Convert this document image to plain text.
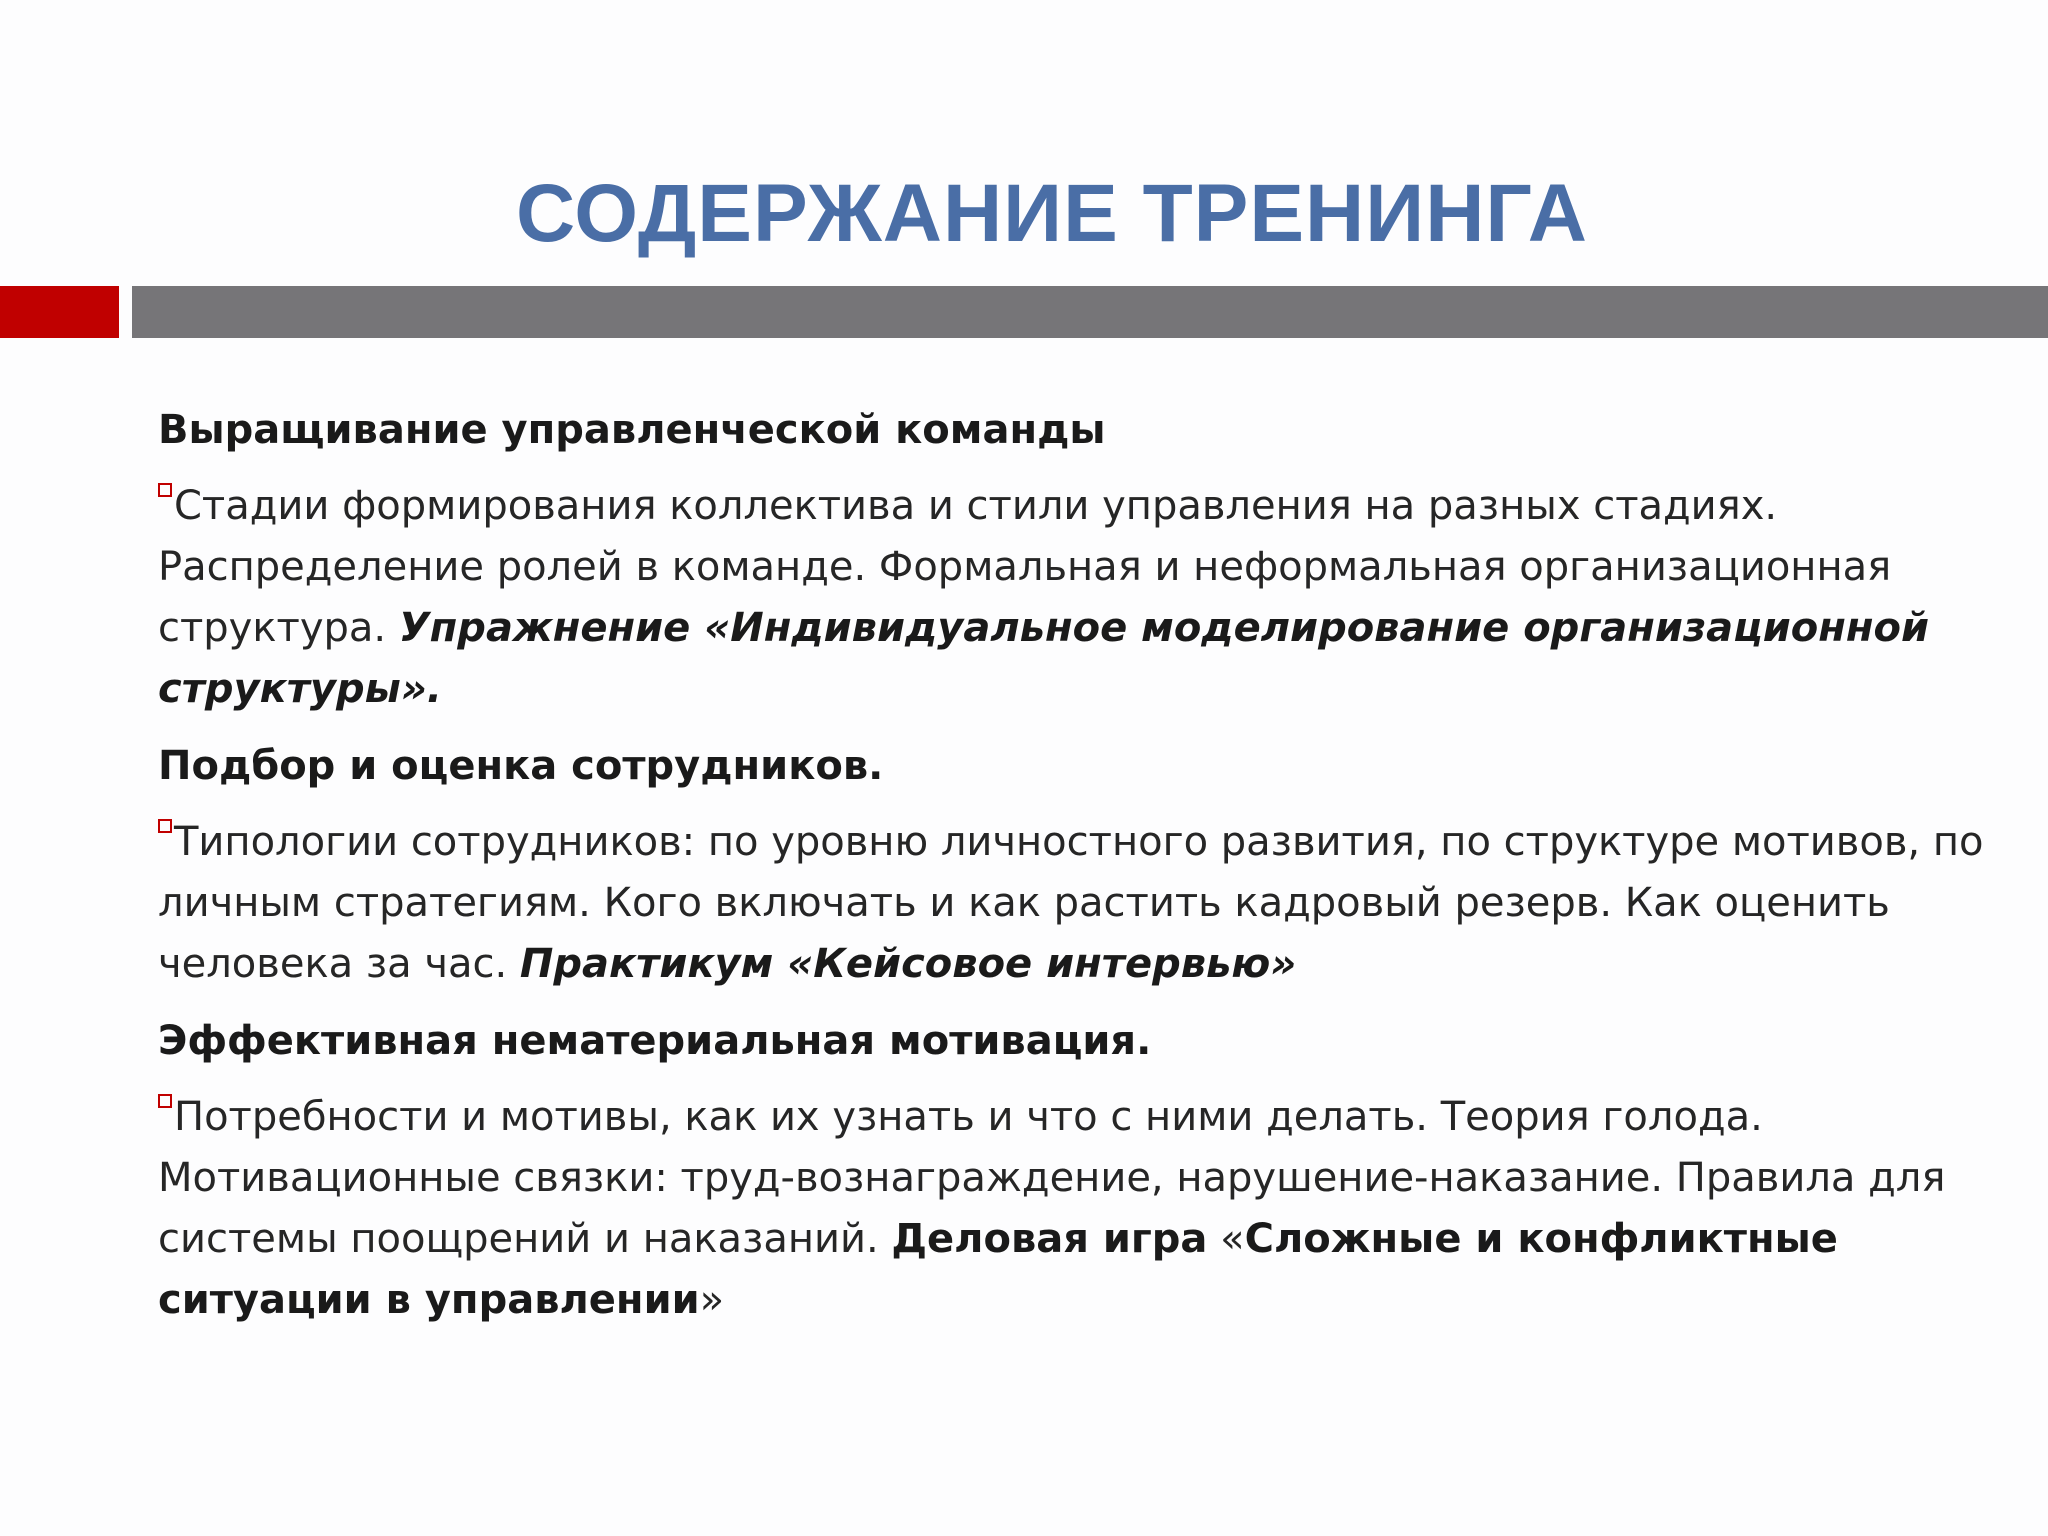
СОДЕРЖАНИЕ ТРЕНИНГА

Выращивание управленческой команды

Стадии формирования коллектива и стили управления на разных стадиях. Распределение ролей в команде. Формальная и неформальная организационная структура. Упражнение «Индивидуальное моделирование организационной структуры».

Подбор и оценка сотрудников.

Типологии сотрудников: по уровню личностного развития, по структуре мотивов, по личным стратегиям. Кого включать и как растить кадровый резерв. Как оценить человека за час. Практикум «Кейсовое интервью»

Эффективная нематериальная мотивация.

Потребности и мотивы, как их узнать и что с ними делать. Теория голода. Мотивационные связки: труд-вознаграждение, нарушение-наказание. Правила для системы поощрений и наказаний. Деловая игра «Сложные и конфликтные ситуации в управлении»
